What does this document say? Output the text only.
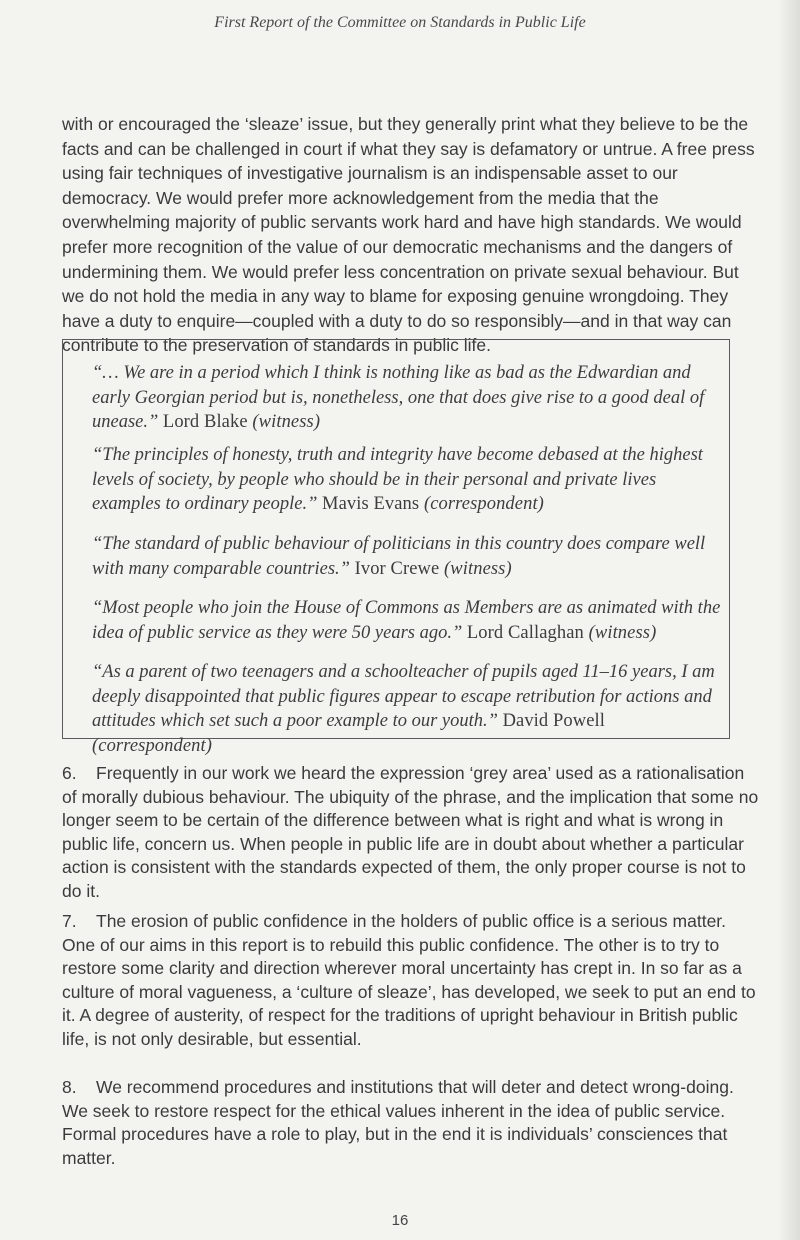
First Report of the Committee on Standards in Public Life

with or encouraged the ‘sleaze’ issue, but they generally print what they believe to be the facts and can be challenged in court if what they say is defamatory or untrue. A free press using fair techniques of investigative journalism is an indispensable asset to our democracy. We would prefer more acknowledgement from the media that the overwhelming majority of public servants work hard and have high standards. We would prefer more recognition of the value of our democratic mechanisms and the dangers of undermining them. We would prefer less concentration on private sexual behaviour. But we do not hold the media in any way to blame for exposing genuine wrongdoing. They have a duty to enquire—coupled with a duty to do so responsibly—and in that way can contribute to the preservation of standards in public life.

“… We are in a period which I think is nothing like as bad as the Edwardian and early Georgian period but is, nonetheless, one that does give rise to a good deal of unease.” Lord Blake (witness)

“The principles of honesty, truth and integrity have become debased at the highest levels of society, by people who should be in their personal and private lives examples to ordinary people.” Mavis Evans (correspondent)

“The standard of public behaviour of politicians in this country does compare well with many comparable countries.” Ivor Crewe (witness)

“Most people who join the House of Commons as Members are as animated with the idea of public service as they were 50 years ago.” Lord Callaghan (witness)

“As a parent of two teenagers and a schoolteacher of pupils aged 11–16 years, I am deeply disappointed that public figures appear to escape retribution for actions and attitudes which set such a poor example to our youth.” David Powell (correspondent)

6. Frequently in our work we heard the expression ‘grey area’ used as a rationalisation of morally dubious behaviour. The ubiquity of the phrase, and the implication that some no longer seem to be certain of the difference between what is right and what is wrong in public life, concern us. When people in public life are in doubt about whether a particular action is consistent with the standards expected of them, the only proper course is not to do it.

7. The erosion of public confidence in the holders of public office is a serious matter. One of our aims in this report is to rebuild this public confidence. The other is to try to restore some clarity and direction wherever moral uncertainty has crept in. In so far as a culture of moral vagueness, a ‘culture of sleaze’, has developed, we seek to put an end to it. A degree of austerity, of respect for the traditions of upright behaviour in British public life, is not only desirable, but essential.

8. We recommend procedures and institutions that will deter and detect wrong-doing. We seek to restore respect for the ethical values inherent in the idea of public service. Formal procedures have a role to play, but in the end it is individuals’ consciences that matter.

16
